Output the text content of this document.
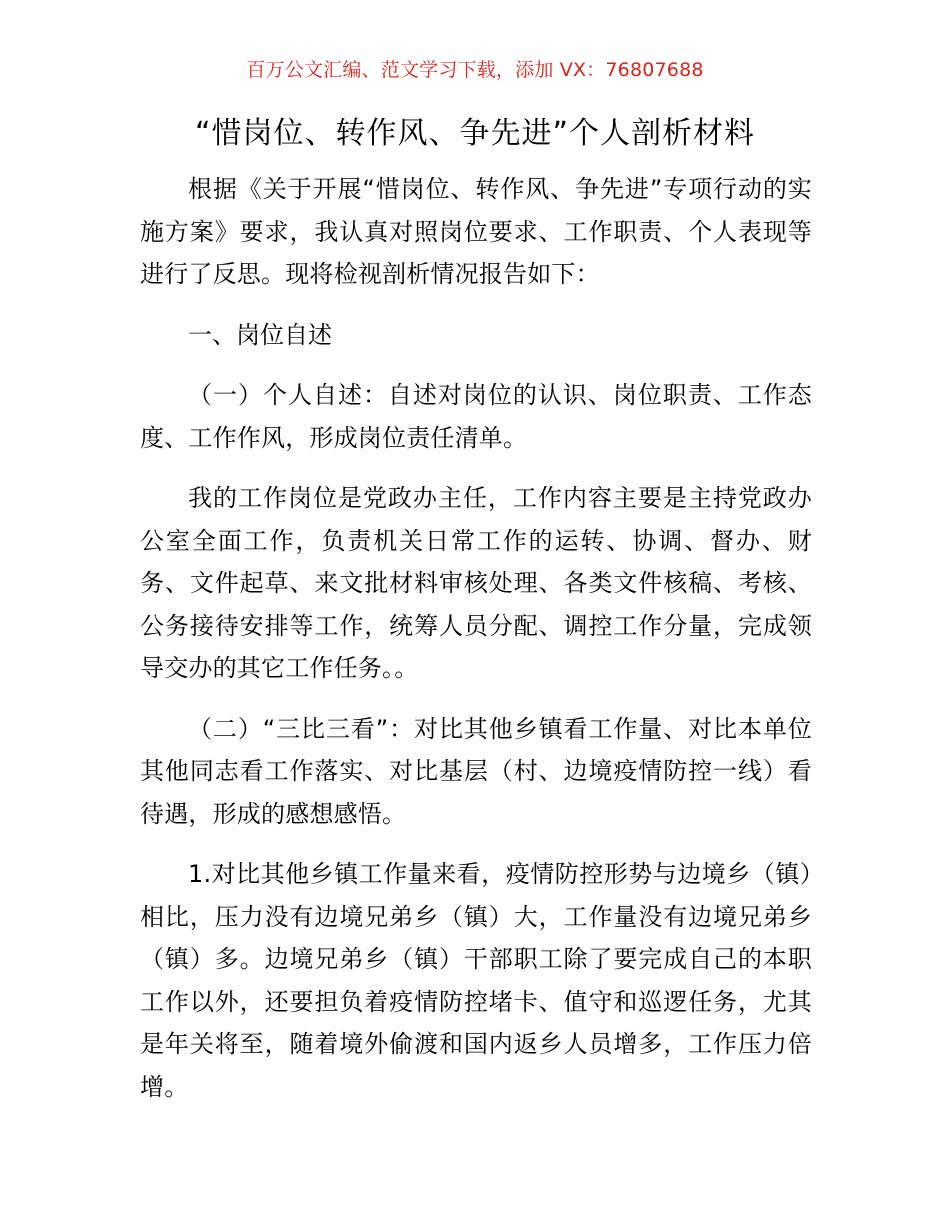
百万公文汇编、范文学习下载，添加 VX：76807688
“惜岗位、转作风、争先进”个人剖析材料

根据《关于开展“惜岗位、转作风、争先进”专项行动的实施方案》要求，我认真对照岗位要求、工作职责、个人表现等进行了反思。现将检视剖析情况报告如下：

一、岗位自述

（一）个人自述：自述对岗位的认识、岗位职责、工作态度、工作作风，形成岗位责任清单。

我的工作岗位是党政办主任，工作内容主要是主持党政办公室全面工作，负责机关日常工作的运转、协调、督办、财务、文件起草、来文批材料审核处理、各类文件核稿、考核、公务接待安排等工作，统筹人员分配、调控工作分量，完成领导交办的其它工作任务。。

（二）“三比三看”：对比其他乡镇看工作量、对比本单位其他同志看工作落实、对比基层（村、边境疫情防控一线）看待遇，形成的感想感悟。

1.对比其他乡镇工作量来看，疫情防控形势与边境乡（镇）相比，压力没有边境兄弟乡（镇）大，工作量没有边境兄弟乡（镇）多。边境兄弟乡（镇）干部职工除了要完成自己的本职工作以外，还要担负着疫情防控堵卡、值守和巡逻任务，尤其是年关将至，随着境外偷渡和国内返乡人员增多，工作压力倍增。
